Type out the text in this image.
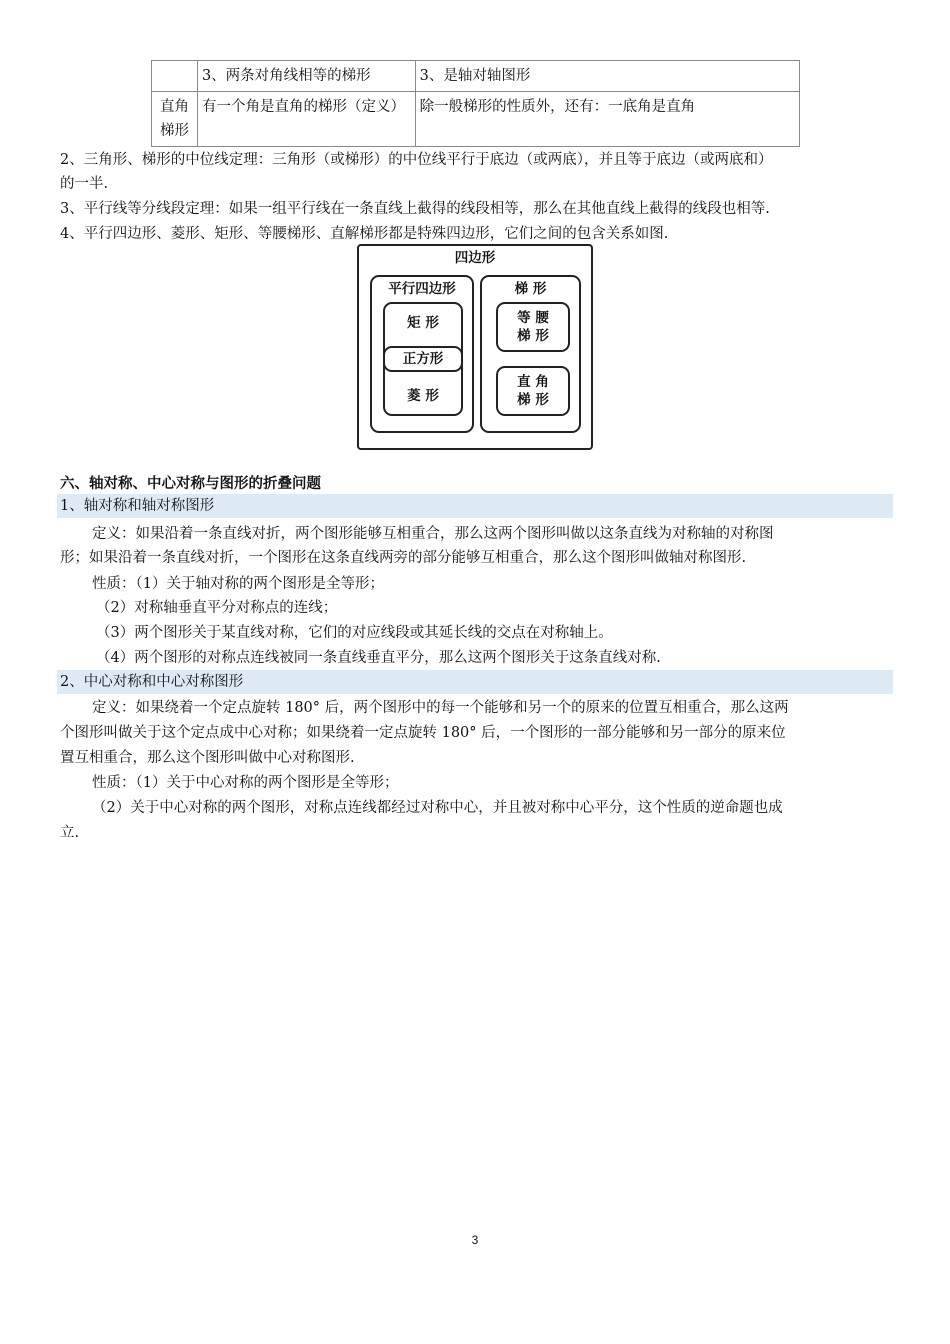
	3、两条对角线相等的梯形	3、是轴对轴图形
直角梯形	有一个角是直角的梯形（定义）	除一般梯形的性质外，还有：一底角是直角
2、三角形、梯形的中位线定理：三角形（或梯形）的中位线平行于底边（或两底），并且等于底边（或两底和）
的一半.
3、平行线等分线段定理：如果一组平行线在一条直线上截得的线段相等，那么在其他直线上截得的线段也相等.
4、平行四边形、菱形、矩形、等腰梯形、直解梯形都是特殊四边形，它们之间的包含关系如图.
四边形
平行四边形
矩 形
正方形
菱 形
梯 形
等 腰
梯 形
直 角
梯 形
六、轴对称、中心对称与图形的折叠问题
1、轴对称和轴对称图形
定义：如果沿着一条直线对折，两个图形能够互相重合，那么这两个图形叫做以这条直线为对称轴的对称图
形；如果沿着一条直线对折，一个图形在这条直线两旁的部分能够互相重合，那么这个图形叫做轴对称图形.
性质：（1）关于轴对称的两个图形是全等形；
（2）对称轴垂直平分对称点的连线；
（3）两个图形关于某直线对称，它们的对应线段或其延长线的交点在对称轴上。
（4）两个图形的对称点连线被同一条直线垂直平分，那么这两个图形关于这条直线对称.
2、中心对称和中心对称图形
定义：如果绕着一个定点旋转 180° 后，两个图形中的每一个能够和另一个的原来的位置互相重合，那么这两
个图形叫做关于这个定点成中心对称；如果绕着一定点旋转 180° 后，一个图形的一部分能够和另一部分的原来位
置互相重合，那么这个图形叫做中心对称图形.
性质：（1）关于中心对称的两个图形是全等形；
（2）关于中心对称的两个图形，对称点连线都经过对称中心，并且被对称中心平分，这个性质的逆命题也成
立.
3
